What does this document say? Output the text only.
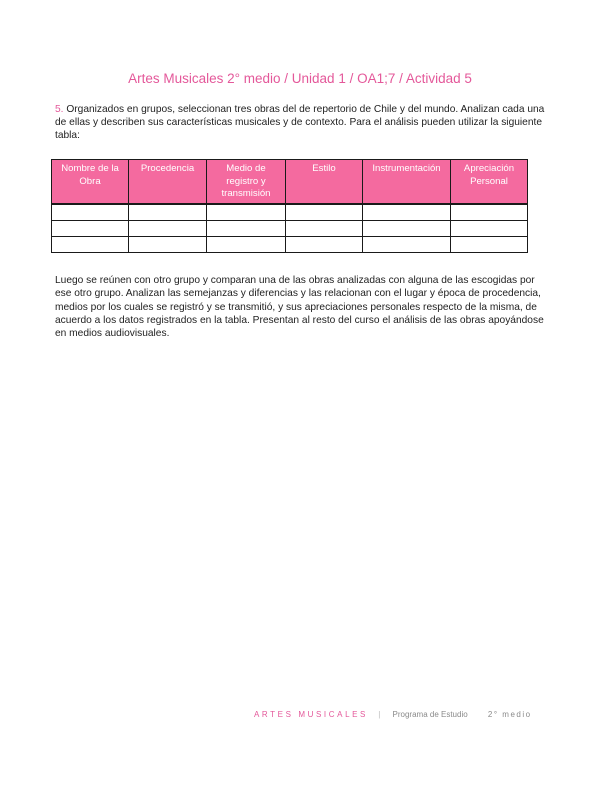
Artes Musicales 2° medio / Unidad 1 / OA1;7 / Actividad 5
5. Organizados en grupos, seleccionan tres obras del de repertorio de Chile y del mundo. Analizan cada una de ellas y describen sus características musicales y de contexto. Para el análisis pueden utilizar la siguiente tabla:
Nombre de la Obra	Procedencia	Medio de registro y transmisión	Estilo	Instrumentación	Apreciación Personal

Luego se reúnen con otro grupo y comparan una de las obras analizadas con alguna de las escogidas por ese otro grupo. Analizan las semejanzas y diferencias y las relacionan con el lugar y época de procedencia, medios por los cuales se registró y se transmitió, y sus apreciaciones personales respecto de la misma, de acuerdo a los datos registrados en la tabla. Presentan al resto del curso el análisis de las obras apoyándose en medios audiovisuales.
ARTES MUSICALES | Programa de Estudio	2° medio
